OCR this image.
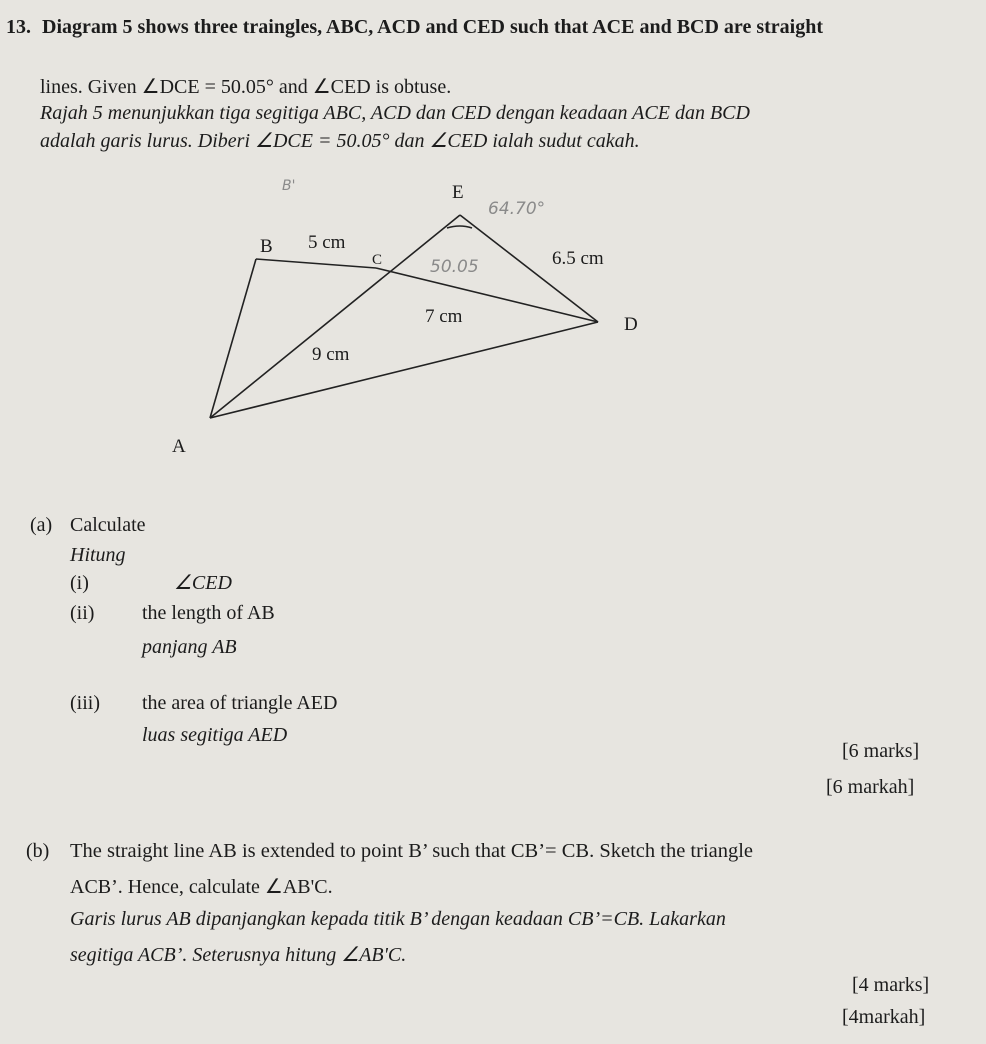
13. Diagram 5 shows three traingles, ABC, ACD and CED such that ACE and BCD are straight
lines. Given ∠DCE = 50.05° and ∠CED is obtuse.
Rajah 5 menunjukkan tiga segitiga ABC, ACD dan CED dengan keadaan ACE dan BCD
adalah garis lurus. Diberi ∠DCE = 50.05° dan ∠CED ialah sudut cakah.
E
B
C
D
A
5 cm
6.5 cm
7 cm
9 cm
64.70°
50.05
B'
(a) Calculate
Hitung
(i)	∠CED
(ii) the length of AB
panjang AB
(iii) the area of triangle AED
luas segitiga AED
[6 marks]
[6 markah]
(b) The straight line AB is extended to point B’ such that CB’= CB. Sketch the triangle
ACB’. Hence, calculate ∠AB'C.
Garis lurus AB dipanjangkan kepada titik B’ dengan keadaan CB’=CB. Lakarkan
segitiga ACB’. Seterusnya hitung ∠AB'C.
[4 marks]
[4markah]
